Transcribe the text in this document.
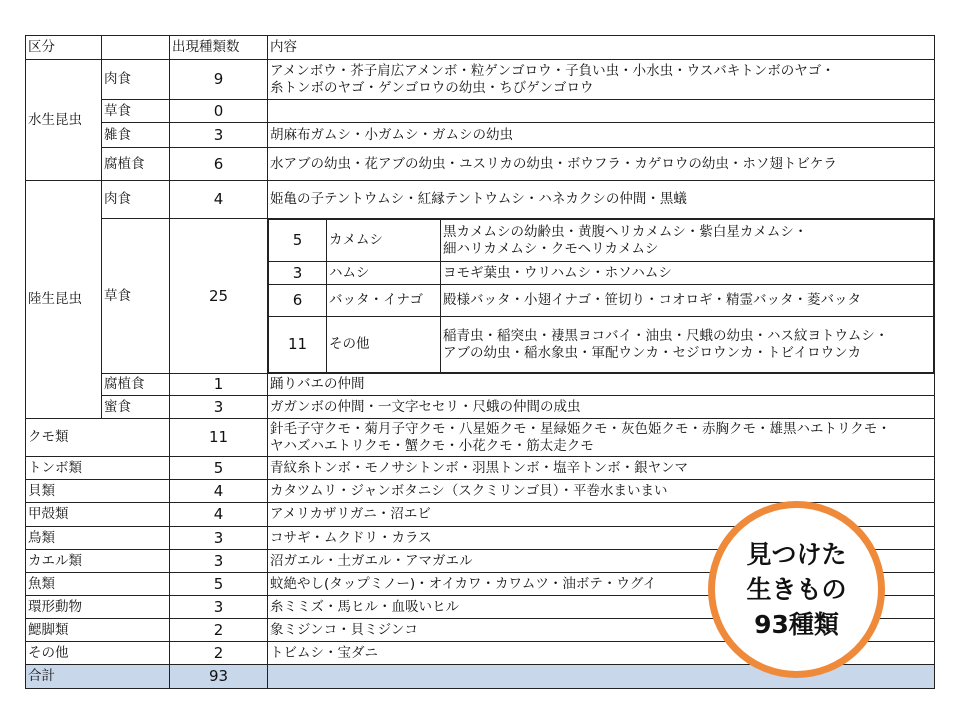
区分		出現種類数	内容
水生昆虫	肉食	9	アメンボウ・芥子肩広アメンボ・粒ゲンゴロウ・子負い虫・小水虫・ウスバキトンボのヤゴ・
糸トンボのヤゴ・ゲンゴロウの幼虫・ちびゲンゴロウ
草食	0	
雑食	3	胡麻布ガムシ・小ガムシ・ガムシの幼虫
腐植食	6	水アブの幼虫・花アブの幼虫・ユスリカの幼虫・ボウフラ・カゲロウの幼虫・ホソ翅トビケラ
陸生昆虫	肉食	4	姫亀の子テントウムシ・紅縁テントウムシ・ハネカクシの仲間・黒蟻
草食	25	
5	カメムシ	黒カメムシの幼齢虫・黄腹ヘリカメムシ・紫白星カメムシ・
細ハリカメムシ・クモヘリカメムシ
3	ハムシ	ヨモギ葉虫・ウリハムシ・ホソハムシ
6	バッタ・イナゴ	殿様バッタ・小翅イナゴ・笹切り・コオロギ・精霊バッタ・菱バッタ
11	その他	稲青虫・稲突虫・褄黒ヨコバイ・油虫・尺蛾の幼虫・ハス紋ヨトウムシ・
アブの幼虫・稲水象虫・軍配ウンカ・セジロウンカ・トビイロウンカ

腐植食	1	踊りバエの仲間
蜜食	3	ガガンボの仲間・一文字セセリ・尺蛾の仲間の成虫
クモ類	11	針毛子守クモ・菊月子守クモ・八星姫クモ・星緑姫クモ・灰色姫クモ・赤胸クモ・雄黒ハエトリクモ・
ヤハズハエトリクモ・蟹クモ・小花クモ・筋太走クモ
トンボ類	5	青紋糸トンボ・モノサシトンボ・羽黒トンボ・塩辛トンボ・銀ヤンマ
貝類	4	カタツムリ・ジャンボタニシ（スクミリンゴ貝）・平巻水まいまい
甲殻類	4	アメリカザリガニ・沼エビ
鳥類	3	コサギ・ムクドリ・カラス
カエル類	3	沼ガエル・土ガエル・アマガエル
魚類	5	蚊絶やし(タップミノー)・オイカワ・カワムツ・油ボテ・ウグイ
環形動物	3	糸ミミズ・馬ヒル・血吸いヒル
鰓脚類	2	象ミジンコ・貝ミジンコ
その他	2	トビムシ・宝ダニ
合計	93	
見つけた
生きもの
93種類
